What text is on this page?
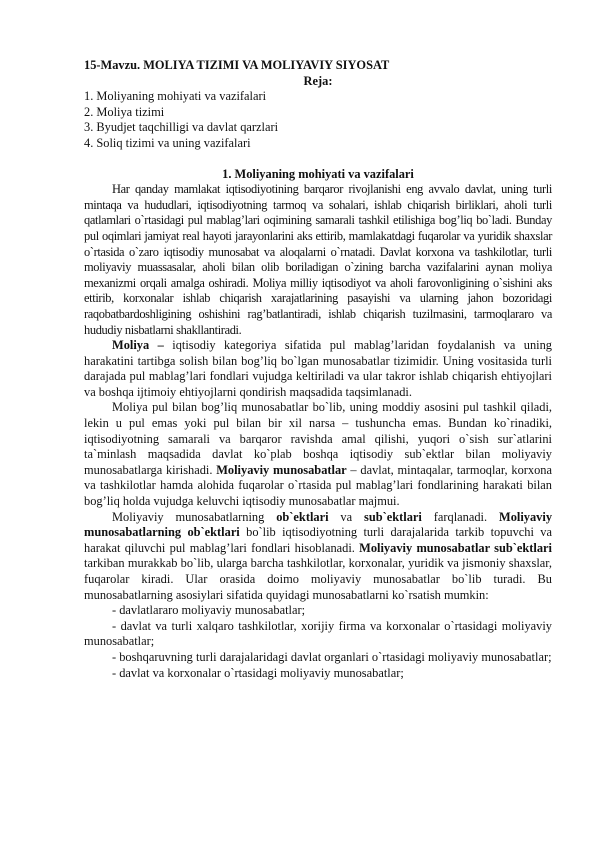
15-Mavzu. MOLIYA TIZIMI VA MOLIYAVIY SIYOSAT
Reja:
1. Moliyaning mohiyati va vazifalari
2. Moliya tizimi
3. Byudjet taqchilligi va davlat qarzlari
4. Soliq tizimi va uning vazifalari
1. Moliyaning mohiyati va vazifalari

Har qanday mamlakat iqtisodiyotining barqaror rivojlanishi eng avvalo davlat, uning turli mintaqa va hududlari, iqtisodiyotning tarmoq va sohalari, ishlab chiqarish birliklari, aholi turli qatlamlari o`rtasidagi pul mablag’lari oqimining samarali tashkil etilishiga bog’liq bo`ladi. Bunday pul oqimlari jamiyat real hayoti jarayonlarini aks ettirib, mamlakatdagi fuqarolar va yuridik shaxslar o`rtasida o`zaro iqtisodiy munosabat va aloqalarni o`rnatadi. Davlat korxona va tashkilotlar, turli moliyaviy muassasalar, aholi bilan olib boriladigan o`zining barcha vazifalarini aynan moliya mexanizmi orqali amalga oshiradi. Moliya milliy iqtisodiyot va aholi farovonligining o`sishini aks ettirib, korxonalar ishlab chiqarish xarajatlarining pasayishi va ularning jahon bozoridagi raqobatbardoshligining oshishini rag’batlantiradi, ishlab chiqarish tuzilmasini, tarmoqlararo va hududiy nisbatlarni shakllantiradi.

Moliya – iqtisodiy kategoriya sifatida pul mablag’laridan foydalanish va uning harakatini tartibga solish bilan bog’liq bo`lgan munosabatlar tizimidir. Uning vositasida turli darajada pul mablag’lari fondlari vujudga keltiriladi va ular takror ishlab chiqarish ehtiyojlari va boshqa ijtimoiy ehtiyojlarni qondirish maqsadida taqsimlanadi.

Moliya pul bilan bog’liq munosabatlar bo`lib, uning moddiy asosini pul tashkil qiladi, lekin u pul emas yoki pul bilan bir xil narsa – tushuncha emas. Bundan ko`rinadiki, iqtisodiyotning samarali va barqaror ravishda amal qilishi, yuqori o`sish sur`atlarini ta`minlash maqsadida davlat ko`plab boshqa iqtisodiy sub`ektlar bilan moliyaviy munosabatlarga kirishadi. Moliyaviy munosabatlar – davlat, mintaqalar, tarmoqlar, korxona va tashkilotlar hamda alohida fuqarolar o`rtasida pul mablag’lari fondlarining harakati bilan bog’liq holda vujudga keluvchi iqtisodiy munosabatlar majmui.

Moliyaviy munosabatlarning ob`ektlari va sub`ektlari farqlanadi. Moliyaviy munosabatlarning ob`ektlari bo`lib iqtisodiyotning turli darajalarida tarkib topuvchi va harakat qiluvchi pul mablag’lari fondlari hisoblanadi. Moliyaviy munosabatlar sub`ektlari tarkiban murakkab bo`lib, ularga barcha tashkilotlar, korxonalar, yuridik va jismoniy shaxslar, fuqarolar kiradi. Ular orasida doimo moliyaviy munosabatlar bo`lib turadi. Bu munosabatlarning asosiylari sifatida quyidagi munosabatlarni ko`rsatish mumkin:

- davlatlararo moliyaviy munosabatlar;

- davlat va turli xalqaro tashkilotlar, xorijiy firma va korxonalar o`rtasidagi moliyaviy munosabatlar;

- boshqaruvning turli darajalaridagi davlat organlari o`rtasidagi moliyaviy munosabatlar;

- davlat va korxonalar o`rtasidagi moliyaviy munosabatlar;
